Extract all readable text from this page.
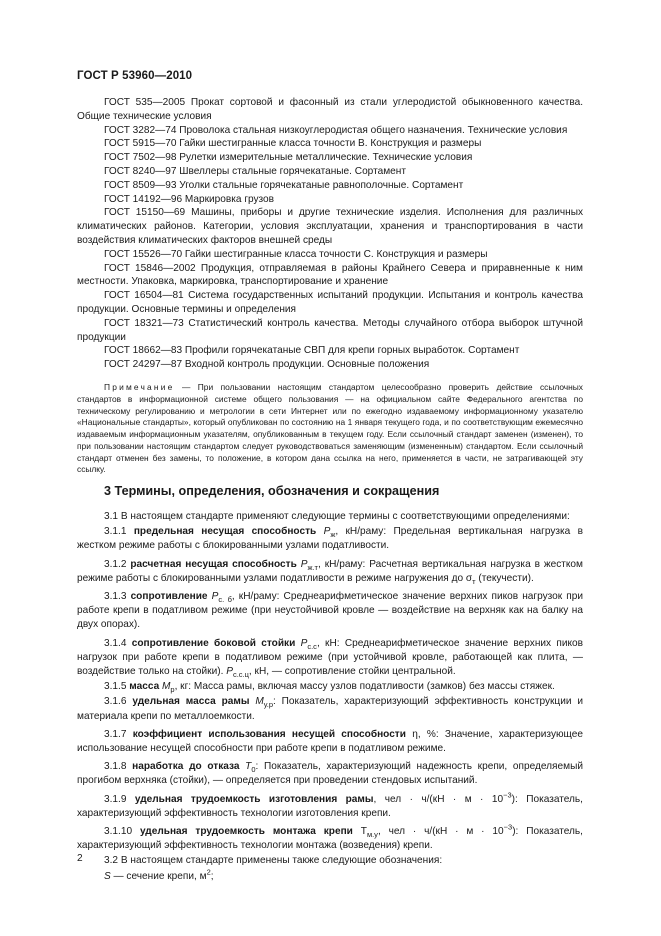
ГОСТ Р 53960—2010

ГОСТ 535—2005 Прокат сортовой и фасонный из стали углеродистой обыкновенного качества. Общие технические условия

ГОСТ 3282—74 Проволока стальная низкоуглеродистая общего назначения. Технические условия

ГОСТ 5915—70 Гайки шестигранные класса точности В. Конструкция и размеры

ГОСТ 7502—98 Рулетки измерительные металлические. Технические условия

ГОСТ 8240—97 Швеллеры стальные горячекатаные. Сортамент

ГОСТ 8509—93 Уголки стальные горячекатаные равнополочные. Сортамент

ГОСТ 14192—96 Маркировка грузов

ГОСТ 15150—69 Машины, приборы и другие технические изделия. Исполнения для различных климатических районов. Категории, условия эксплуатации, хранения и транспортирования в части воздействия климатических факторов внешней среды

ГОСТ 15526—70 Гайки шестигранные класса точности С. Конструкция и размеры

ГОСТ 15846—2002 Продукция, отправляемая в районы Крайнего Севера и приравненные к ним местности. Упаковка, маркировка, транспортирование и хранение

ГОСТ 16504—81 Система государственных испытаний продукции. Испытания и контроль качества продукции. Основные термины и определения

ГОСТ 18321—73 Статистический контроль качества. Методы случайного отбора выборок штучной продукции

ГОСТ 18662—83 Профили горячекатаные СВП для крепи горных выработок. Сортамент

ГОСТ 24297—87 Входной контроль продукции. Основные положения

Примечание — При пользовании настоящим стандартом целесообразно проверить действие ссылочных стандартов в информационной системе общего пользования — на официальном сайте Федерального агентства по техническому регулированию и метрологии в сети Интернет или по ежегодно издаваемому информационному указателю «Национальные стандарты», который опубликован по состоянию на 1 января текущего года, и по соответствующим ежемесячно издаваемым информационным указателям, опубликованным в текущем году. Если ссылочный стандарт заменен (изменен), то при пользовании настоящим стандартом следует руководствоваться заменяющим (измененным) стандартом. Если ссылочный стандарт отменен без замены, то положение, в котором дана ссылка на него, применяется в части, не затрагивающей эту ссылку.

3 Термины, определения, обозначения и сокращения

3.1 В настоящем стандарте применяют следующие термины с соответствующими определениями:

3.1.1 предельная несущая способность $Р_ж$, кН/раму: Предельная вертикальная нагрузка в жестком режиме работы с блокированными узлами податливости.

3.1.2 расчетная несущая способность $Р_{ж.т}$, кН/раму: Расчетная вертикальная нагрузка в жестком режиме работы с блокированными узлами податливости в режиме нагружения до $\sigma_т$ (текучести).

3.1.3 сопротивление $Р_{с. б}$, кН/раму: Среднеарифметическое значение верхних пиков нагрузок при работе крепи в податливом режиме (при неустойчивой кровле — воздействие на верхняк как на балку на двух опорах).

3.1.4 сопротивление боковой стойки $Р_{с.с}$, кН: Среднеарифметическое значение верхних пиков нагрузок при работе крепи в податливом режиме (при устойчивой кровле, работающей как плита, — воздействие только на стойки). $Р_{с.с.ц}$, кН, — сопротивление стойки центральной.

3.1.5 масса $М_р$, кг: Масса рамы, включая массу узлов податливости (замков) без массы стяжек.

3.1.6 удельная масса рамы $М_{у.р}$: Показатель, характеризующий эффективность конструкции и материала крепи по металлоемкости.

3.1.7 коэффициент использования несущей способности η, %: Значение, характеризующее использование несущей способности при работе крепи в податливом режиме.

3.1.8 наработка до отказа $Т_0$: Показатель, характеризующий надежность крепи, определяемый прогибом верхняка (стойки), — определяется при проведении стендовых испытаний.

3.1.9 удельная трудоемкость изготовления рамы, чел · $ч/(кН \cdot м \cdot 10^{-3})$: Показатель, характеризующий эффективность технологии изготовления крепи.

3.1.10 удельная трудоемкость монтажа крепи $Т_{м.у}$, чел · $ч/(кН \cdot м \cdot 10^{-3})$: Показатель, характеризующий эффективность технологии монтажа (возведения) крепи.

3.2 В настоящем стандарте применены также следующие обозначения:

S — сечение крепи, $м^2$;

2
